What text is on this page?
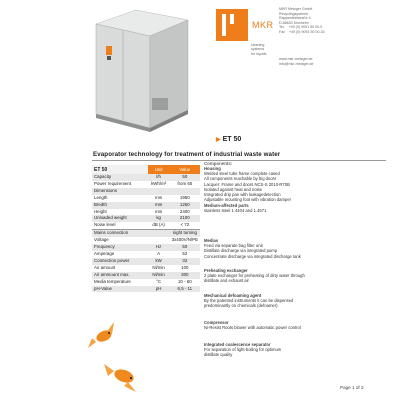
MKR
cleaning
systems
for liquids
MKR Metzger GmbH
Recyclingsysteme
Rappenfeldstraße 4
D-86653 Monheim
Tel.    +49 (0) 9091 50 00-0
Fax    +49 (0) 9091 50 00-30
www.mkr-metzger.de
info@mkr-metzger.de
▶ ET 50
Evaporator technology for treatment of industrial waste water
ET 50	Unit	Value
Capacity	l/h	50
Power requirement	kWh/m³	from 65
Dimensions		
Length	mm	1950
Bredth	mm	1260
Height	mm	2400
Unloaded weight	kg	2100
Noise level	dB (A)	< 72
Mains connection		night turning
Voltage		3x400V/N/PE
Frequency	Hz	50
Amperage	A	52
Connection power	kW	32
Air amount	Nl/min	100
Air ammount max.	Nl/min	300
Media temperature	°C	10 - 60
pH-Value	pH	6,5 - 11
Components:
Housing
Welded steel tube frame complete cased
All components reachable by big doors
Lacquer: Frame and doors NCS-S 2010-R70B
Isolated against heat and noise
Integrated drip pan with leakagedetection
Adjustable mounting foot with vibration damper
Medium-affected parts
stainless steel 1.4404 and 1.4571
Medias
Feed via separate bag filter unit
Distillate discharge via integrated pump
Concentrate discharge via integrated discharge tank
Preheating exchanger
2 plate exchanger for preheating of dirty water through
distillate and exhaust air
Mechanical defoaming agent
By the patented instruments it can be dispensed
predominantly on chemicals (defoamer).
Compressor
Ni-Resist Roots blower with automatic power control
Integrated coalescence separator
For separation of light-boiling for optimum
distillate quality
Page 1 of 2
